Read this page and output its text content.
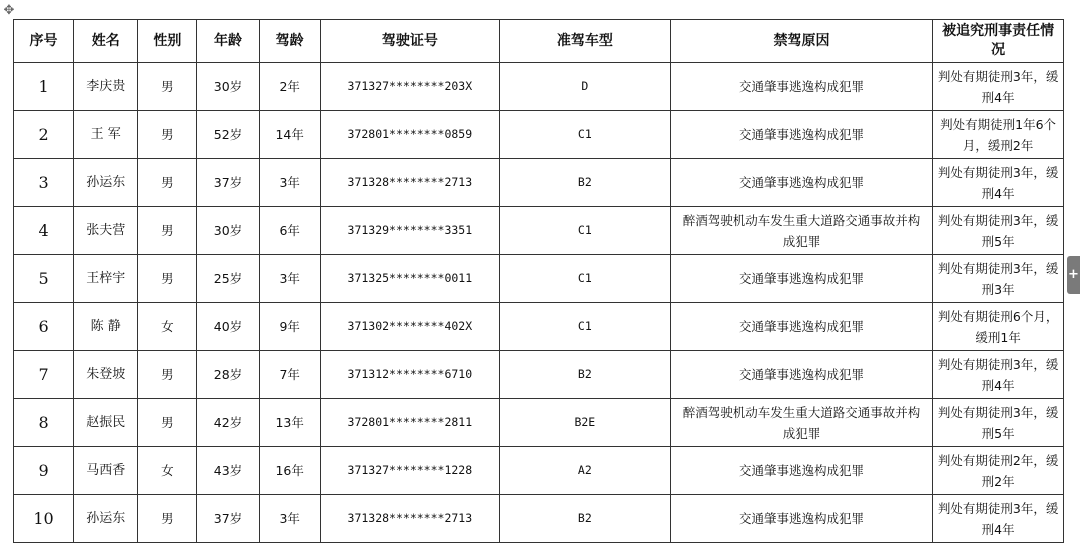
✥
+
序号	姓名	性别	年龄	驾龄	驾驶证号	准驾车型	禁驾原因	被追究刑事责任情况
1	李庆贵	男	30岁	2年	371327********203X	D	交通肇事逃逸构成犯罪	判处有期徒刑3年，缓刑4年
2	王 军	男	52岁	14年	372801********0859	C1	交通肇事逃逸构成犯罪	判处有期徒刑1年6个月，缓刑2年
3	孙运东	男	37岁	3年	371328********2713	B2	交通肇事逃逸构成犯罪	判处有期徒刑3年，缓刑4年
4	张夫营	男	30岁	6年	371329********3351	C1	醉酒驾驶机动车发生重大道路交通事故并构成犯罪	判处有期徒刑3年，缓刑5年
5	王梓宇	男	25岁	3年	371325********0011	C1	交通肇事逃逸构成犯罪	判处有期徒刑3年，缓刑3年
6	陈 静	女	40岁	9年	371302********402X	C1	交通肇事逃逸构成犯罪	判处有期徒刑6个月，缓刑1年
7	朱登坡	男	28岁	7年	371312********6710	B2	交通肇事逃逸构成犯罪	判处有期徒刑3年，缓刑4年
8	赵振民	男	42岁	13年	372801********2811	B2E	醉酒驾驶机动车发生重大道路交通事故并构成犯罪	判处有期徒刑3年，缓刑5年
9	马西香	女	43岁	16年	371327********1228	A2	交通肇事逃逸构成犯罪	判处有期徒刑2年，缓刑2年
10	孙运东	男	37岁	3年	371328********2713	B2	交通肇事逃逸构成犯罪	判处有期徒刑3年，缓刑4年
